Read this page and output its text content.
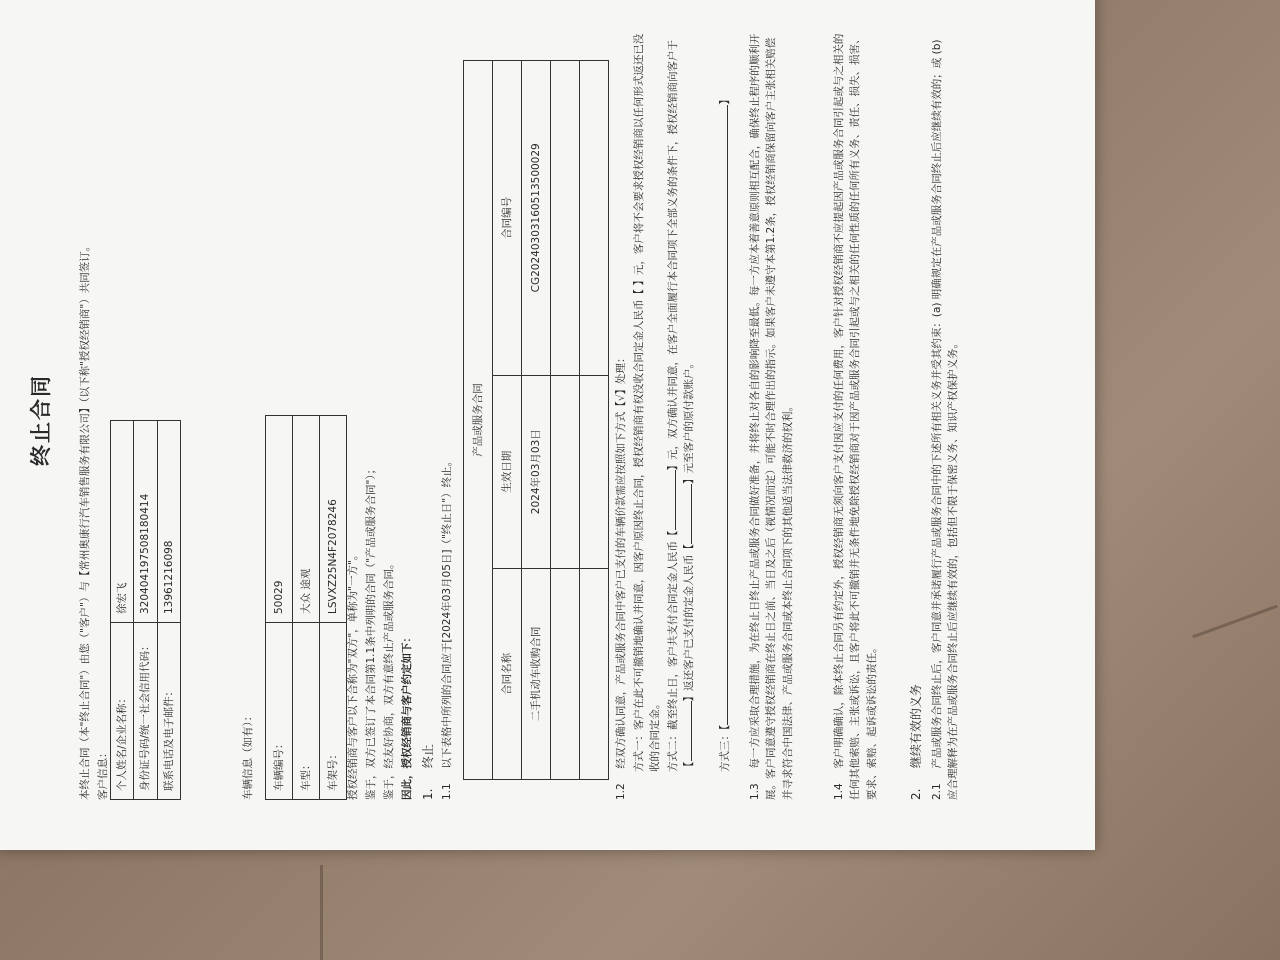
终止合同	本终止合同（本"终止合同"）由您（"客户"）与【常州奥康行汽车销售服务有限公司】（以下称"授权经销商"）共同签订。 客户信息： 个人姓名/企业名称：	徐宏飞
身份证号码/统一社会信用代码：	320404197508180414
联系电话及电子邮件：	13961216098
车辆信息（如有）： 车辆编号：	50029
车型：	大众 途观
车架号：	LSVXZ25N4F2078246 授权经销商与客户以下合称为"双方"，单称为"一方"。 鉴于，双方已签订了本合同第1.1条中列明的合同（"产品或服务合同"）； 鉴于，经友好协商，双方有意终止产品或服务合同。 因此，授权经销商与客户约定如下： 1. 终止
1.1 以下表格中所列的合同应于[2024年03月05日]（"终止日"）终止。
产品或服务合同		
合同名称	生效日期	合同编号
二手机动车收购合同	2024年03月03日	CG20240303160513500029

1.2 经双方确认同意，产品或服务合同中客户已支付的车辆价款需应按照如下方式【√】处理： 方式一：客户在此不可撤销地确认并同意，因客户原因终止合同，授权经销商有权没收合同定金人民币【 】元，客户将不会要求授权经销商以任何形式返还已没收的合同定金。 方式二：截至终止日，客户共支付合同定金人民币【】元，双方确认并同意，在客户全面履行本合同项下全部义务的条件下，授权经销商向客户于【】返还客户已支付的定金人民币【】元至客户的原付款账户。
方式三：【】
1.3 每一方应采取合理措施，为在终止日终止产品或服务合同做好准备，并将终止对各自的影响降至最低。每一方应本着善意原则相互配合，确保终止程序的顺利开展。客户同意遵守授权经销商在终止日之前、当日及之后（视情况而定）可能不时合理作出的指示。如果客户未遵守本第1.2条，授权经销商保留向客户主张相关赔偿并寻求符合中国法律、产品或服务合同或本终止合同项下的其他适当法律救济的权利。	1.4 客户明确确认，除本终止合同另有约定外，授权经销商无须向客户支付因应支付的任何费用，客户针对授权经销商不应提起因产品或服务合同引起或与之相关的任何其他索赔、主张或诉讼，且客户将此不可撤销并无条件地免除授权经销商对于因产品或服务合同引起或与之相关的任何性质的任何所有义务、责任、损失、损害、要求、索赔、起诉或诉讼的责任。	2. 继续有效的义务
2.1 产品或服务合同终止后，客户同意并承诺履行产品或服务合同中的下述所有相关义务并受其约束：(a) 明确规定在产品或服务合同终止后应继续有效的；或 (b) 应合理解释为在产品或服务合同终止后应继续有效的，包括但不限于保密义务、知识产权保护义务。
